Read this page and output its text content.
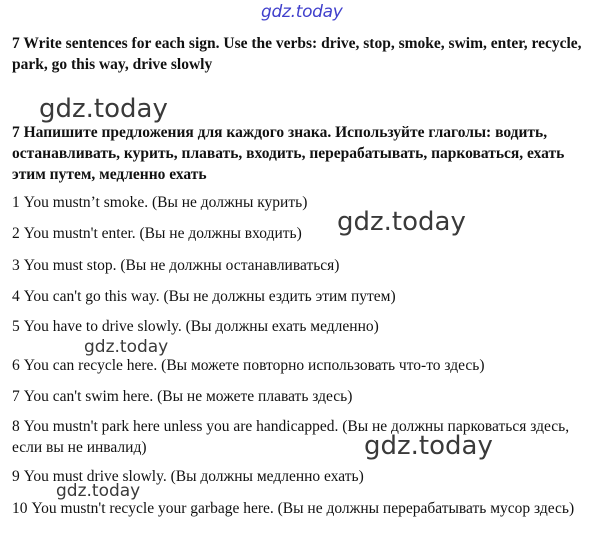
gdz.today
7 Write sentences for each sign. Use the verbs: drive, stop, smoke, swim, enter, recycle, park, go this way, drive slowly
gdz.today
7 Напишите предложения для каждого знака. Используйте глаголы: водить, останавливать, курить, плавать, входить, перерабатывать, парковаться, ехать этим путем, медленно ехать
1 You mustn’t smoke. (Вы не должны курить)
2 You mustn't enter. (Вы не должны входить)	gdz.today
3 You must stop. (Вы не должны останавливаться)
4 You can't go this way. (Вы не должны ездить этим путем)
5 You have to drive slowly. (Вы должны ехать медленно)
gdz.today
6 You can recycle here. (Вы можете повторно использовать что-то здесь)
7 You can't swim here. (Вы не можете плавать здесь)
8 You mustn't park here unless you are handicapped. (Вы не должны парковаться здесь, если вы не инвалид)	gdz.today
9 You must drive slowly. (Вы должны медленно ехать)
gdz.today
10 You mustn't recycle your garbage here. (Вы не должны перерабатывать мусор здесь)
